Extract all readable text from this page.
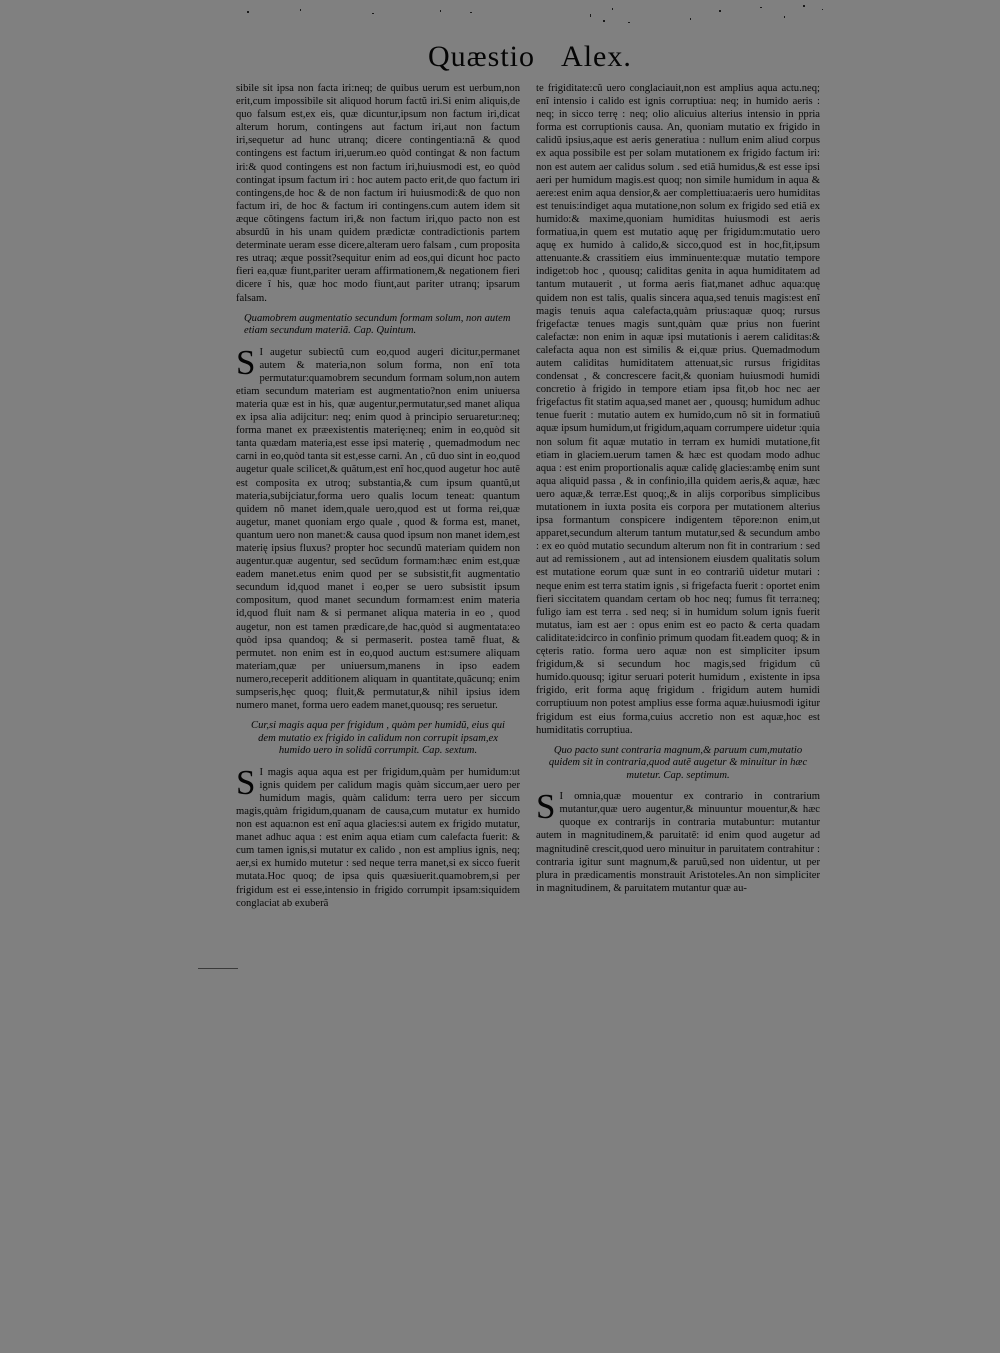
Quæstio Alex.

sibile sit ipsa non facta iri:neq; de quibus uerum est uerbum,non erit,cum impossibile sit aliquod horum factũ iri.Si enim aliquis,de quo falsum est,ex eis, quæ dicuntur,ipsum non factum iri,dicat alterum horum, contingens aut factum iri,aut non factum iri,sequetur ad hunc utranq; dicere contingentia:nã & quod contingens est factum iri,uerum.eo quòd contingat & non factum iri:& quod contingens est non factum iri,huiusmodi est, eo quòd contingat ipsum factum iri : hoc autem pacto erit,de quo factum iri contingens,de hoc & de non factum iri huiusmodi:& de quo non factum iri, de hoc & factum iri contingens.cum autem idem sit æque cõtingens factum iri,& non factum iri,quo pacto non est absurdũ in his unam quidem prædictæ contradictionis partem determinate ueram esse dicere,alteram uero falsam , cum proposita res utraq; æque possit?sequitur enim ad eos,qui dicunt hoc pacto fieri ea,quæ fiunt,pariter ueram affirmationem,& negationem fieri dicere î his, quæ hoc modo fiunt,aut pariter utranq; ipsarum falsam.

Quamobrem augmentatio secundum formam solum, non autem etiam secundum materiã. Cap. Quintum.

S I augetur subiectũ cum eo,quod augeri dicitur,permanet autem & materia,non solum forma, non enĩ tota permutatur:quamobrem secundum formam solum,non autem etiam secundum materiam est augmentatio?non enim uniuersa materia quæ est in his, quæ augentur,permutatur,sed manet aliqua ex ipsa alia adijcitur: neq; enim quod à principio seruaretur:neq; forma manet ex præexistentis materię:neq; enim in eo,quòd sit tanta quædam materia,est esse ipsi materię , quemadmodum nec carni in eo,quòd tanta sit est,esse carni. An , cũ duo sint in eo,quod augetur quale scilicet,& quãtum,est enĩ hoc,quod augetur hoc autẽ est composita ex utroq; substantia,& cum ipsum quantũ,ut materia,subijciatur,forma uero qualis locum teneat: quantum quidem nõ manet idem,quale uero,quod est ut forma rei,quæ augetur, manet quoniam ergo quale , quod & forma est, manet, quantum uero non manet:& causa quod ipsum non manet idem,est materię ipsius fluxus? propter hoc secundũ materiam quidem non augentur.quæ augentur, sed secũdum formam:hæc enim est,quæ eadem manet.etus enim quod per se subsistit,fit augmentatio secundum id,quod manet i eo,per se uero subsistit ipsum compositum, quod manet secundum formam:est enim materia id,quod fluit nam & si permanet aliqua materia in eo , quod augetur, non est tamen prædicare,de hac,quòd si augmentata:eo quòd ipsa quandoq; & si permaserit. postea tamẽ fluat, & permutet. non enim est in eo,quod auctum est:sumere aliquam materiam,quæ per uniuersum,manens in ipso eadem numero,receperit additionem aliquam in quantitate,quãcunq; enim sumpseris,hęc quoq; fluit,& permutatur,& nihil ipsius idem numero manet, forma uero eadem manet,quousq; res seruetur.

Cur,si magis aqua per frigidum , quàm per humidũ, eius qui dem mutatio ex frigido in calidum non corrupit ipsam,ex humido uero in solidũ corrumpit. Cap. sextum.

S I magis aqua aqua est per frigidum,quàm per humidum:ut ignis quidem per calidum magis quàm siccum,aer uero per humidum magis, quàm calidum: terra uero per siccum magis,quàm frigidum,quanam de causa,cum mutatur ex humido non est aqua:non est enĩ aqua glacies:si autem ex frigido mutatur, manet adhuc aqua : est enim aqua etiam cum calefacta fuerit: & cum tamen ignis,si mutatur ex calido , non est amplius ignis, neq; aer,si ex humido mutetur : sed neque terra manet,si ex sicco fuerit mutata.Hoc quoq; de ipsa quis quæsiuerit.quamobrem,si per frigidum est ei esse,intensio in frigido corrumpit ipsam:siquidem conglaciat ab exuberã

te frigiditate:cũ uero conglaciauit,non est amplius aqua actu.neq; enĩ intensio i calido est ignis corruptiua: neq; in humido aeris : neq; in sicco terrę : neq; olio alicuius alterius intensio in ppria forma est corruptionis causa. An, quoniam mutatio ex frigido in calidũ ipsius,aque est aeris generatiua : nullum enim aliud corpus ex aqua possibile est per solam mutationem ex frigido factum iri: non est autem aer calidus solum . sed etiã humidus,& est esse ipsi aeri per humidum magis.est quoq; non simile humidum in aqua & aere:est enim aqua densior,& aer complettiua:aeris uero humiditas est tenuis:indiget aqua mutatione,non solum ex frigido sed etiã ex humido:& maxime,quoniam humiditas huiusmodi est aeris formatiua,in quem est mutatio aquę per frigidum:mutatio uero aquę ex humido à calido,& sicco,quod est in hoc,fit,ipsum attenuante.& crassitiem eius imminuente:quæ mutatio tempore indiget:ob hoc , quousq; caliditas genita in aqua humiditatem ad tantum mutauerit , ut forma aeris fiat,manet adhuc aqua:quę quidem non est talis, qualis sincera aqua,sed tenuis magis:est enĩ magis tenuis aqua calefacta,quàm prius:aquæ quoq; rursus frigefactæ tenues magis sunt,quàm quæ prius non fuerint calefactæ: non enim in aquæ ipsi mutationis i aerem caliditas:& calefacta aqua non est similis & ei,quæ prius. Quemadmodum autem caliditas humiditatem attenuat,sic rursus frigiditas condensat , & concrescere facit,& quoniam huiusmodi humidi concretio à frigido in tempore etiam ipsa fit,ob hoc nec aer frigefactus fit statim aqua,sed manet aer , quousq; humidum adhuc tenue fuerit : mutatio autem ex humido,cum nõ sit in formatiuũ aquæ ipsum humidum,ut frigidum,aquam corrumpere uidetur :quia non solum fit aquæ mutatio in terram ex humidi mutatione,fit etiam in glaciem.uerum tamen & hæc est quodam modo adhuc aqua : est enim proportionalis aquæ calidę glacies:ambę enim sunt aqua aliquid passa , & in confinio,illa quidem aeris,& aquæ, hæc uero aquæ,& terræ.Est quoq;,& in alijs corporibus simplicibus mutationem in iuxta posita eis corpora per mutationem alterius ipsa formantum conspicere indigentem tẽpore:non enim,ut apparet,secundum alterum tantum mutatur,sed & secundum ambo : ex eo quòd mutatio secundum alterum non fit in contrarium : sed aut ad remissionem , aut ad intensionem eiusdem qualitatis solum est mutatione eorum quæ sunt in eo contrariũ uidetur mutari : neque enim est terra statim ignis , si frigefacta fuerit : oportet enim fieri siccitatem quandam certam ob hoc neq; fumus fit terra:neq; fuligo iam est terra . sed neq; si in humidum solum ignis fuerit mutatus, iam est aer : opus enim est eo pacto & certa quadam caliditate:idcirco in confinio primum quodam fit.eadem quoq; & in cęteris ratio. forma uero aquæ non est simpliciter ipsum frigidum,& si secundum hoc magis,sed frigidum cũ humido.quousq; igitur seruari poterit humidum , existente in ipsa frigido, erit forma aquę frigidum . frigidum autem humidi corruptiuum non potest amplius esse forma aquæ.huiusmodi igitur frigidum est eius forma,cuius accretio non est aquæ,hoc est humiditatis corruptiua.

Quo pacto sunt contraria magnum,& paruum cum,mutatio quidem sit in contraria,quod autẽ augetur & minuitur in hæc mutetur. Cap. septimum.

S I omnia,quæ mouentur ex contrario in contrarium mutantur,quæ uero augentur,& minuuntur mouentur,& hæc quoque ex contrarijs in contraria mutabuntur: mutantur autem in magnitudinem,& paruitatẽ: id enim quod augetur ad magnitudinẽ crescit,quod uero minuitur in paruitatem contrahitur : contraria igitur sunt magnum,& paruũ,sed non uidentur, ut per plura in prædicamentis monstrauit Aristoteles.An non simpliciter in magnitudinem, & paruitatem mutantur quæ au-
